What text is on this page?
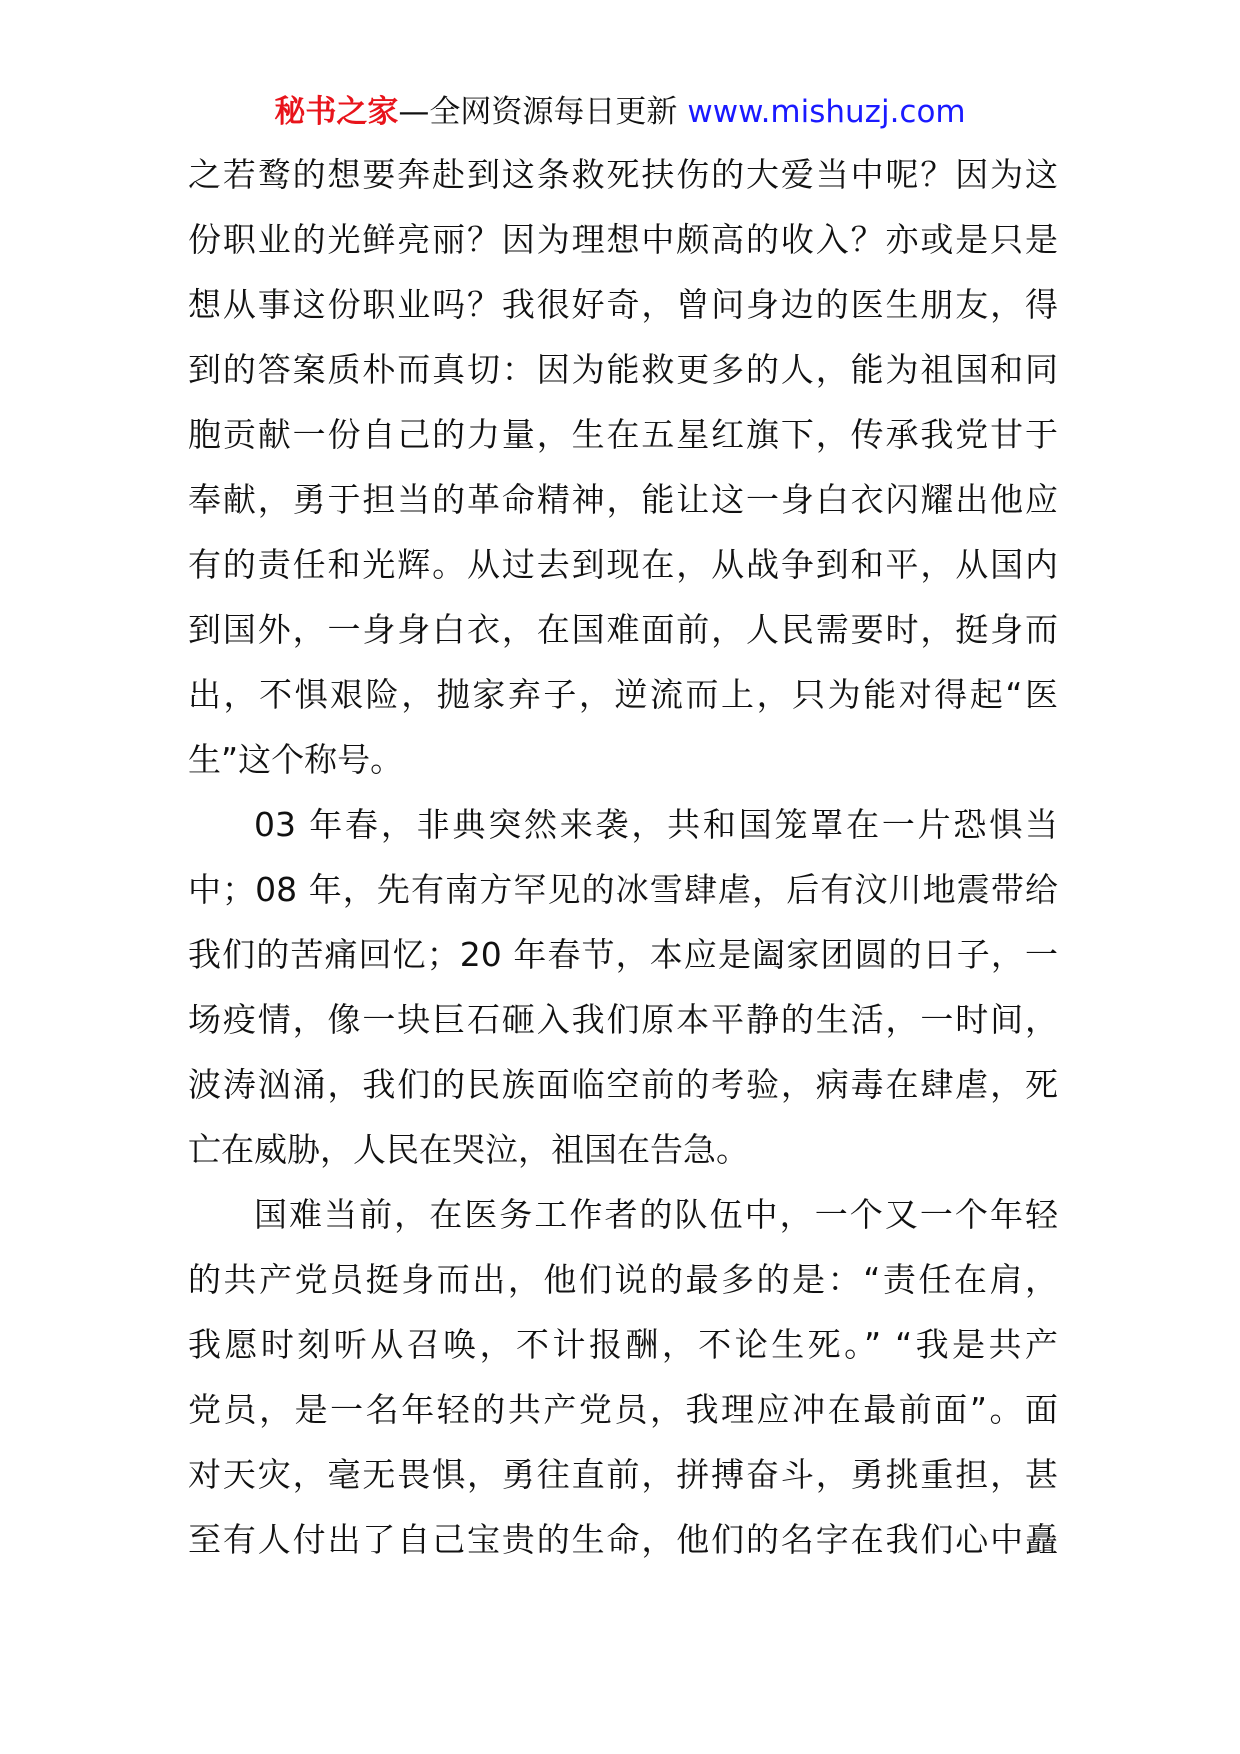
秘书之家—全网资源每日更新 www.mishuzj.com
之若鹜的想要奔赴到这条救死扶伤的大爱当中呢？因为这
份职业的光鲜亮丽？因为理想中颇高的收入？亦或是只是
想从事这份职业吗？我很好奇，曾问身边的医生朋友，得
到的答案质朴而真切：因为能救更多的人，能为祖国和同
胞贡献一份自己的力量，生在五星红旗下，传承我党甘于
奉献，勇于担当的革命精神，能让这一身白衣闪耀出他应
有的责任和光辉。从过去到现在，从战争到和平，从国内
到国外，一身身白衣，在国难面前，人民需要时，挺身而
出，不惧艰险，抛家弃子，逆流而上，只为能对得起“医
生”这个称号。
03 年春，非典突然来袭，共和国笼罩在一片恐惧当
中；08 年，先有南方罕见的冰雪肆虐，后有汶川地震带给
我们的苦痛回忆；20 年春节，本应是阖家团圆的日子，一
场疫情，像一块巨石砸入我们原本平静的生活，一时间，
波涛汹涌，我们的民族面临空前的考验，病毒在肆虐，死
亡在威胁，人民在哭泣，祖国在告急。
国难当前，在医务工作者的队伍中，一个又一个年轻
的共产党员挺身而出，他们说的最多的是：“责任在肩，
我愿时刻听从召唤，不计报酬，不论生死。” “我是共产
党员，是一名年轻的共产党员，我理应冲在最前面”。面
对天灾，毫无畏惧，勇往直前，拼搏奋斗，勇挑重担，甚
至有人付出了自己宝贵的生命，他们的名字在我们心中矗
